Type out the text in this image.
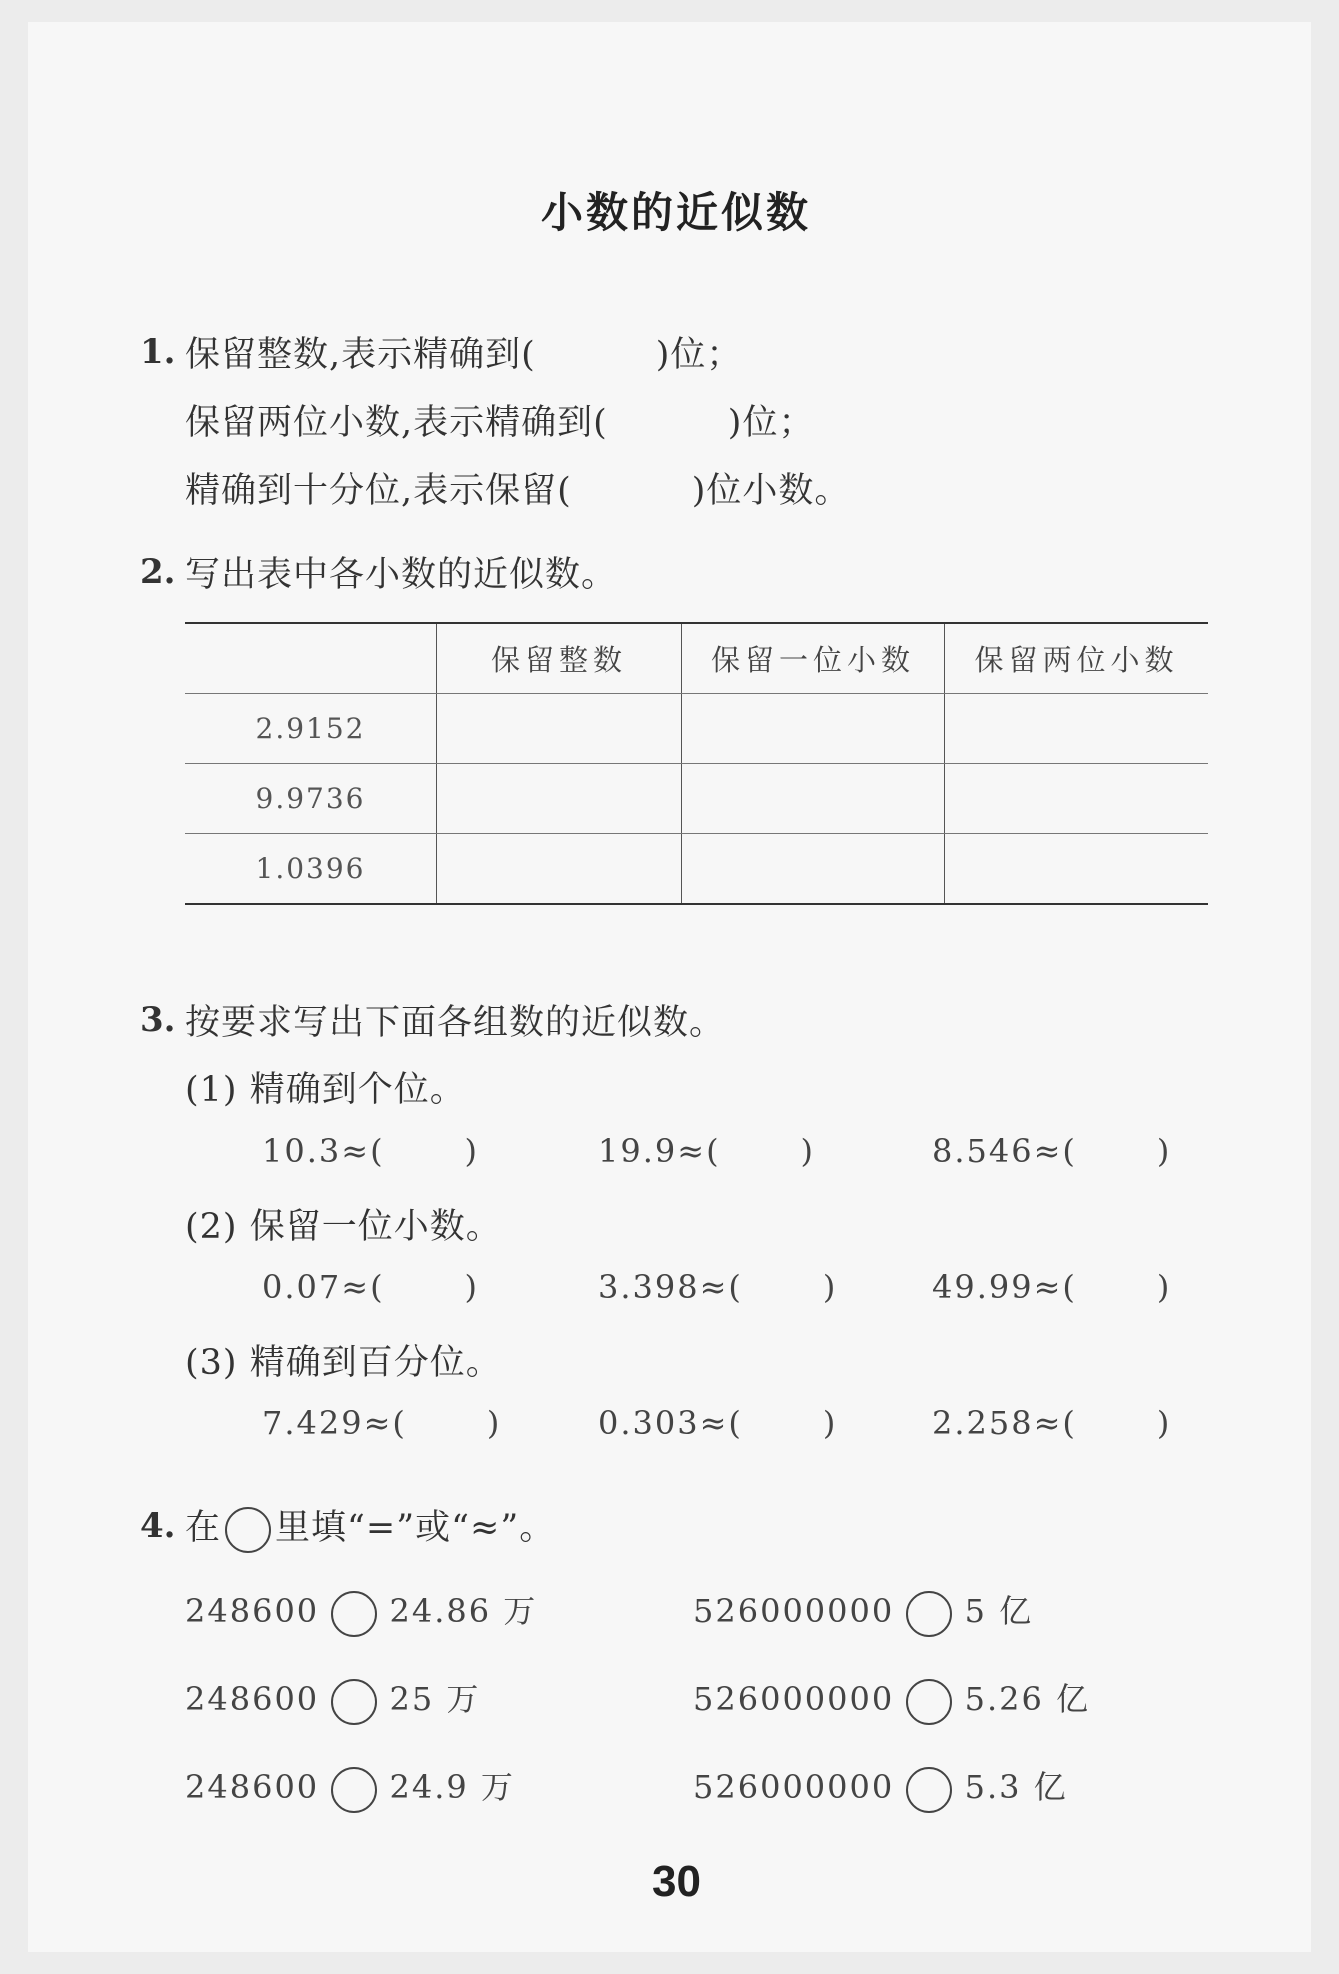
小数的近似数
1. 保留整数,表示精确到(	)位；
保留两位小数,表示精确到(	)位；
精确到十分位,表示保留(	)位小数。
2. 写出表中各小数的近似数。
	保留整数	保留一位小数	保留两位小数
2.9152			
9.9736			
1.0396			
3. 按要求写出下面各组数的近似数。
(1) 精确到个位。
10.3≈(	)	19.9≈(	)	8.546≈(	)
(2) 保留一位小数。
0.07≈(	)	3.398≈(	)	49.99≈(	)
(3) 精确到百分位。
7.429≈(	)	0.303≈(	)	2.258≈(	)
4. 在 里填“=”或“≈”。
248600 24.86 万	526000000 5 亿
248600 25 万	526000000 5.26 亿
248600 24.9 万	526000000 5.3 亿
30
